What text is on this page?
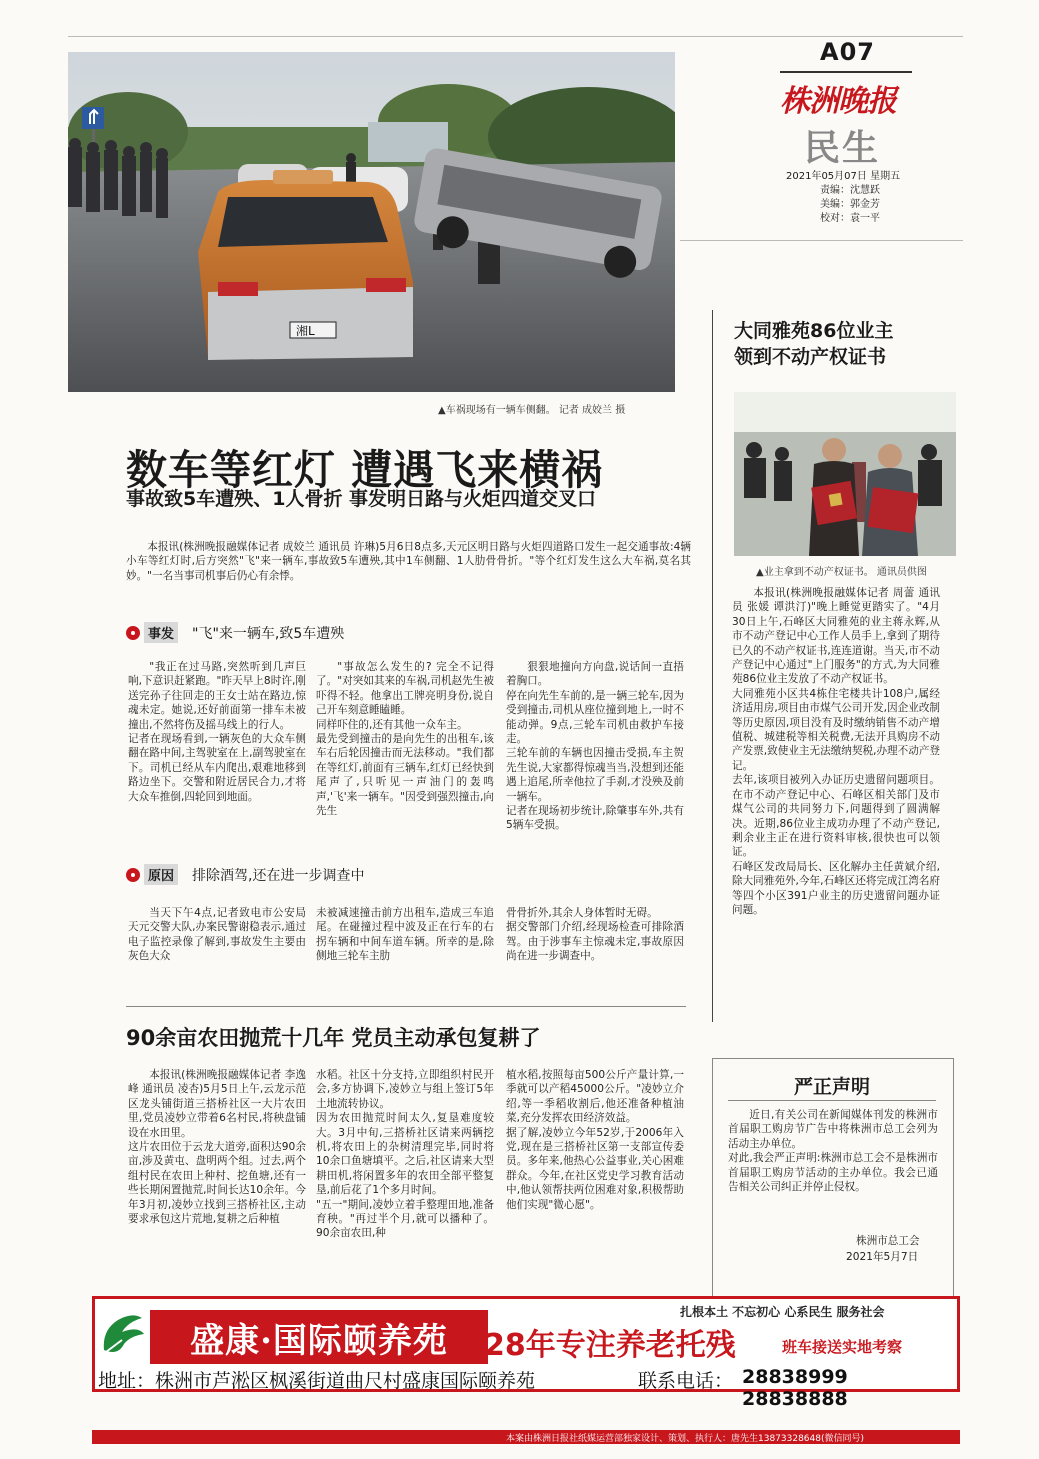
A07
株洲晚报
民生
2021年05月07日 星期五
责编：沈慧跃
美编：郭金芳
校对：袁一平
湘L
▲车祸现场有一辆车侧翻。 记者 成姣兰 摄
数车等红灯 遭遇飞来横祸
事故致5车遭殃、1人骨折 事发明日路与火炬四道交叉口
本报讯(株洲晚报融媒体记者 成姣兰 通讯员 许琳)5月6日8点多,天元区明日路与火炬四道路口发生一起交通事故:4辆小车等红灯时,后方突然"飞"来一辆车,事故致5车遭殃,其中1车侧翻、1人肋骨骨折。"等个红灯发生这么大车祸,莫名其妙。"一名当事司机事后仍心有余悸。
事发 "飞"来一辆车,致5车遭殃
"我正在过马路,突然听到几声巨响,下意识赶紧跑。"昨天早上8时许,刚送完孙子往回走的王女士站在路边,惊魂未定。她说,还好前面第一排车未被撞出,不然将伤及摇马线上的行人。
记者在现场看到,一辆灰色的大众车侧翻在路中间,主驾驶室在上,副驾驶室在下。司机已经从车内爬出,艰难地移到路边坐下。交警和附近居民合力,才将大众车推倒,四轮回到地面。
"事故怎么发生的? 完全不记得了。"对突如其来的车祸,司机赵先生被吓得不轻。他拿出工牌亮明身份,说自己开车刻意睡瞌睡。
同样吓住的,还有其他一众车主。
最先受到撞击的是向先生的出租车,该车右后轮因撞击而无法移动。"我们都在等红灯,前面有三辆车,红灯已经快到尾声了,只听见一声油门的轰鸣声,'飞'来一辆车。"因受到强烈撞击,向先生
狠狠地撞向方向盘,说话间一直捂着胸口。
停在向先生车前的,是一辆三轮车,因为受到撞击,司机从座位撞到地上,一时不能动弹。9点,三轮车司机由救护车接走。
三轮车前的车辆也因撞击受损,车主贺先生说,大家都得惊魂当当,没想到还能遇上追尾,所幸他拉了手刹,才没殃及前一辆车。
记者在现场初步统计,除肇事车外,共有5辆车受损。
原因 排除酒驾,还在进一步调查中
当天下午4点,记者致电市公安局天元交警大队,办案民警谢稳表示,通过电子监控录像了解到,事故发生主要由灰色大众
未被减速撞击前方出租车,造成三车追尾。在碰撞过程中波及正在行车的右拐车辆和中间车道车辆。所幸的是,除侧地三轮车主肋
骨骨折外,其余人身体暂时无碍。
据交警部门介绍,经现场检查可排除酒驾。由于涉事车主惊魂未定,事故原因尚在进一步调查中。
90余亩农田抛荒十几年 党员主动承包复耕了
本报讯(株洲晚报融媒体记者 李逸峰 通讯员 凌杏)5月5日上午,云龙示范区龙头铺街道三搭桥社区一大片农田里,党员凌妙立带着6名村民,将秧盘铺设在水田里。
这片农田位于云龙大道旁,面积达90余亩,涉及黄屯、盘明两个组。过去,两个组村民在农田上种村、挖鱼塘,还有一些长期闲置抛荒,时间长达10余年。今年3月初,凌妙立找到三搭桥社区,主动要求承包这片荒地,复耕之后种植
水稻。社区十分支持,立即组织村民开会,多方协调下,凌妙立与组上签订5年土地流转协议。
因为农田抛荒时间太久,复垦难度较大。3月中旬,三搭桥社区请来两辆挖机,将农田上的杂树清理完毕,同时将10余口鱼塘填平。之后,社区请来大型耕田机,将闲置多年的农田全部平整复垦,前后花了1个多月时间。
"五一"期间,凌妙立着手整理田地,准备育秧。"再过半个月,就可以播种了。90余亩农田,种
植水稻,按照每亩500公斤产量计算,一季就可以产稻45000公斤。"凌妙立介绍,等一季稻收割后,他还准备种植油菜,充分发挥农田经济效益。
据了解,凌妙立今年52岁,于2006年入党,现在是三搭桥社区第一支部宣传委员。多年来,他热心公益事业,关心困难群众。今年,在社区党史学习教育活动中,他认领帮扶两位困难对象,积极帮助他们实现"微心愿"。
大同雅苑86位业主
领到不动产权证书
▲业主拿到不动产权证书。 通讯员供图
本报讯(株洲晚报融媒体记者 周蕾 通讯员 张媛 谭洪汀)"晚上睡觉更踏实了。"4月30日上午,石峰区大同雅苑的业主蒋永辉,从市不动产登记中心工作人员手上,拿到了期待已久的不动产权证书,连连道谢。当天,市不动产登记中心通过"上门服务"的方式,为大同雅苑86位业主发放了不动产权证书。
大同雅苑小区共4栋住宅楼共计108户,属经济适用房,项目由市煤气公司开发,因企业改制等历史原因,项目没有及时缴纳销售不动产增值税、城建税等相关税费,无法开具购房不动产发票,致使业主无法缴纳契税,办理不动产登记。
去年,该项目被列入办证历史遗留问题项目。在市不动产登记中心、石峰区相关部门及市煤气公司的共同努力下,问题得到了圆满解决。近期,86位业主成功办理了不动产登记,剩余业主正在进行资料审核,很快也可以领证。
石峰区发改局局长、区化解办主任黄斌介绍,除大同雅苑外,今年,石峰区还将完成江湾名府等四个小区391户业主的历史遗留问题办证问题。
严正声明
近日,有关公司在新闻媒体刊发的株洲市首届职工购房节广告中将株洲市总工会列为活动主办单位。
对此,我会严正声明:株洲市总工会不是株洲市首届职工购房节活动的主办单位。我会已通告相关公司纠正并停止侵权。
株洲市总工会
2021年5月7日
盛康·国际颐养苑
扎根本土 不忘初心 心系民生 服务社会
28年专注养老托残	班车接送实地考察
地址：株洲市芦淞区枫溪街道曲尺村盛康国际颐养苑	联系电话： 28838999 28838888
本案由株洲日报社纸媒运营部独家设计、策划、执行人：唐先生13873328648(微信同号)
